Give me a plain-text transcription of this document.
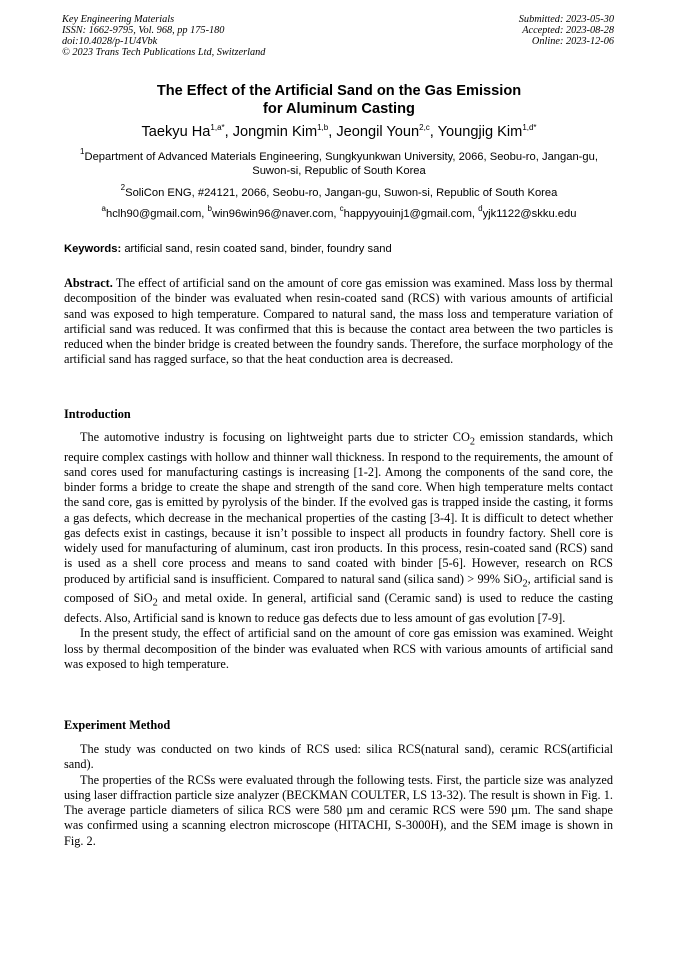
Key Engineering Materials
ISSN: 1662-9795, Vol. 968, pp 175-180
doi:10.4028/p-1U4Vbk
© 2023 Trans Tech Publications Ltd, Switzerland
Submitted: 2023-05-30
Accepted: 2023-08-28
Online: 2023-12-06
The Effect of the Artificial Sand on the Gas Emission
for Aluminum Casting
Taekyu $Ha^{1,a*}$, Jongmin Kim$^{1,b}$, Jeongil Youn$^{2,c}$, Youngjig Kim$^{1,d*}$
$^1$Department of Advanced Materials Engineering, Sungkyunkwan University, 2066, Seobu-ro, Jangan-gu, Suwon-si, Republic of South Korea
$^2$SoliCon ENG, #24121, 2066, Seobu-ro, Jangan-gu, Suwon-si, Republic of South Korea
$^a$hclh90@gmail.com, $^b$win96win96@naver.com, $^c$happyyouinj1@gmail.com, $^d$yjk1122@skku.edu
Keywords: artificial sand, resin coated sand, binder, foundry sand

Abstract. The effect of artificial sand on the amount of core gas emission was examined. Mass loss by thermal decomposition of the binder was evaluated when resin-coated sand (RCS) with various amounts of artificial sand was exposed to high temperature. Compared to natural sand, the mass loss and temperature variation of artificial sand was reduced. It was confirmed that this is because the contact area between the two particles is reduced when the binder bridge is created between the foundry sands. Therefore, the surface morphology of the artificial sand has ragged surface, so that the heat conduction area is decreased.

Introduction

The automotive industry is focusing on lightweight parts due to stricter $CO_2$ emission standards, which require complex castings with hollow and thinner wall thickness. In respond to the requirements, the amount of sand cores used for manufacturing castings is increasing [1-2]. Among the components of the sand core, the binder forms a bridge to create the shape and strength of the sand core. When high temperature melts contact the sand core, gas is emitted by pyrolysis of the binder. If the evolved gas is trapped inside the casting, it forms a gas defects, which decrease in the mechanical properties of the casting [3-4]. It is difficult to detect whether gas defects exist in castings, because it isn’t possible to inspect all products in foundry factory. Shell core is widely used for manufacturing of aluminum, cast iron products. In this process, resin-coated sand (RCS) sand is used as a shell core process and means to sand coated with binder [5-6]. However, research on RCS produced by artificial sand is insufficient. Compared to natural sand (silica sand) > 99% SiO$_2$, artificial sand is composed of SiO$_2$ and metal oxide. In general, artificial sand (Ceramic sand) is used to reduce the casting defects. Also, Artificial sand is known to reduce gas defects due to less amount of gas evolution [7-9].

In the present study, the effect of artificial sand on the amount of core gas emission was examined. Weight loss by thermal decomposition of the binder was evaluated when RCS with various amounts of artificial sand was exposed to high temperature.

Experiment Method

The study was conducted on two kinds of RCS used: silica RCS(natural sand), ceramic RCS(artificial sand).

The properties of the RCSs were evaluated through the following tests. First, the particle size was analyzed using laser diffraction particle size analyzer (BECKMAN COULTER, LS 13-32). The result is shown in Fig. 1. The average particle diameters of silica RCS were 580 µm and ceramic RCS were 590 µm. The sand shape was confirmed using a scanning electron microscope (HITACHI, S-3000H), and the SEM image is shown in Fig. 2.
